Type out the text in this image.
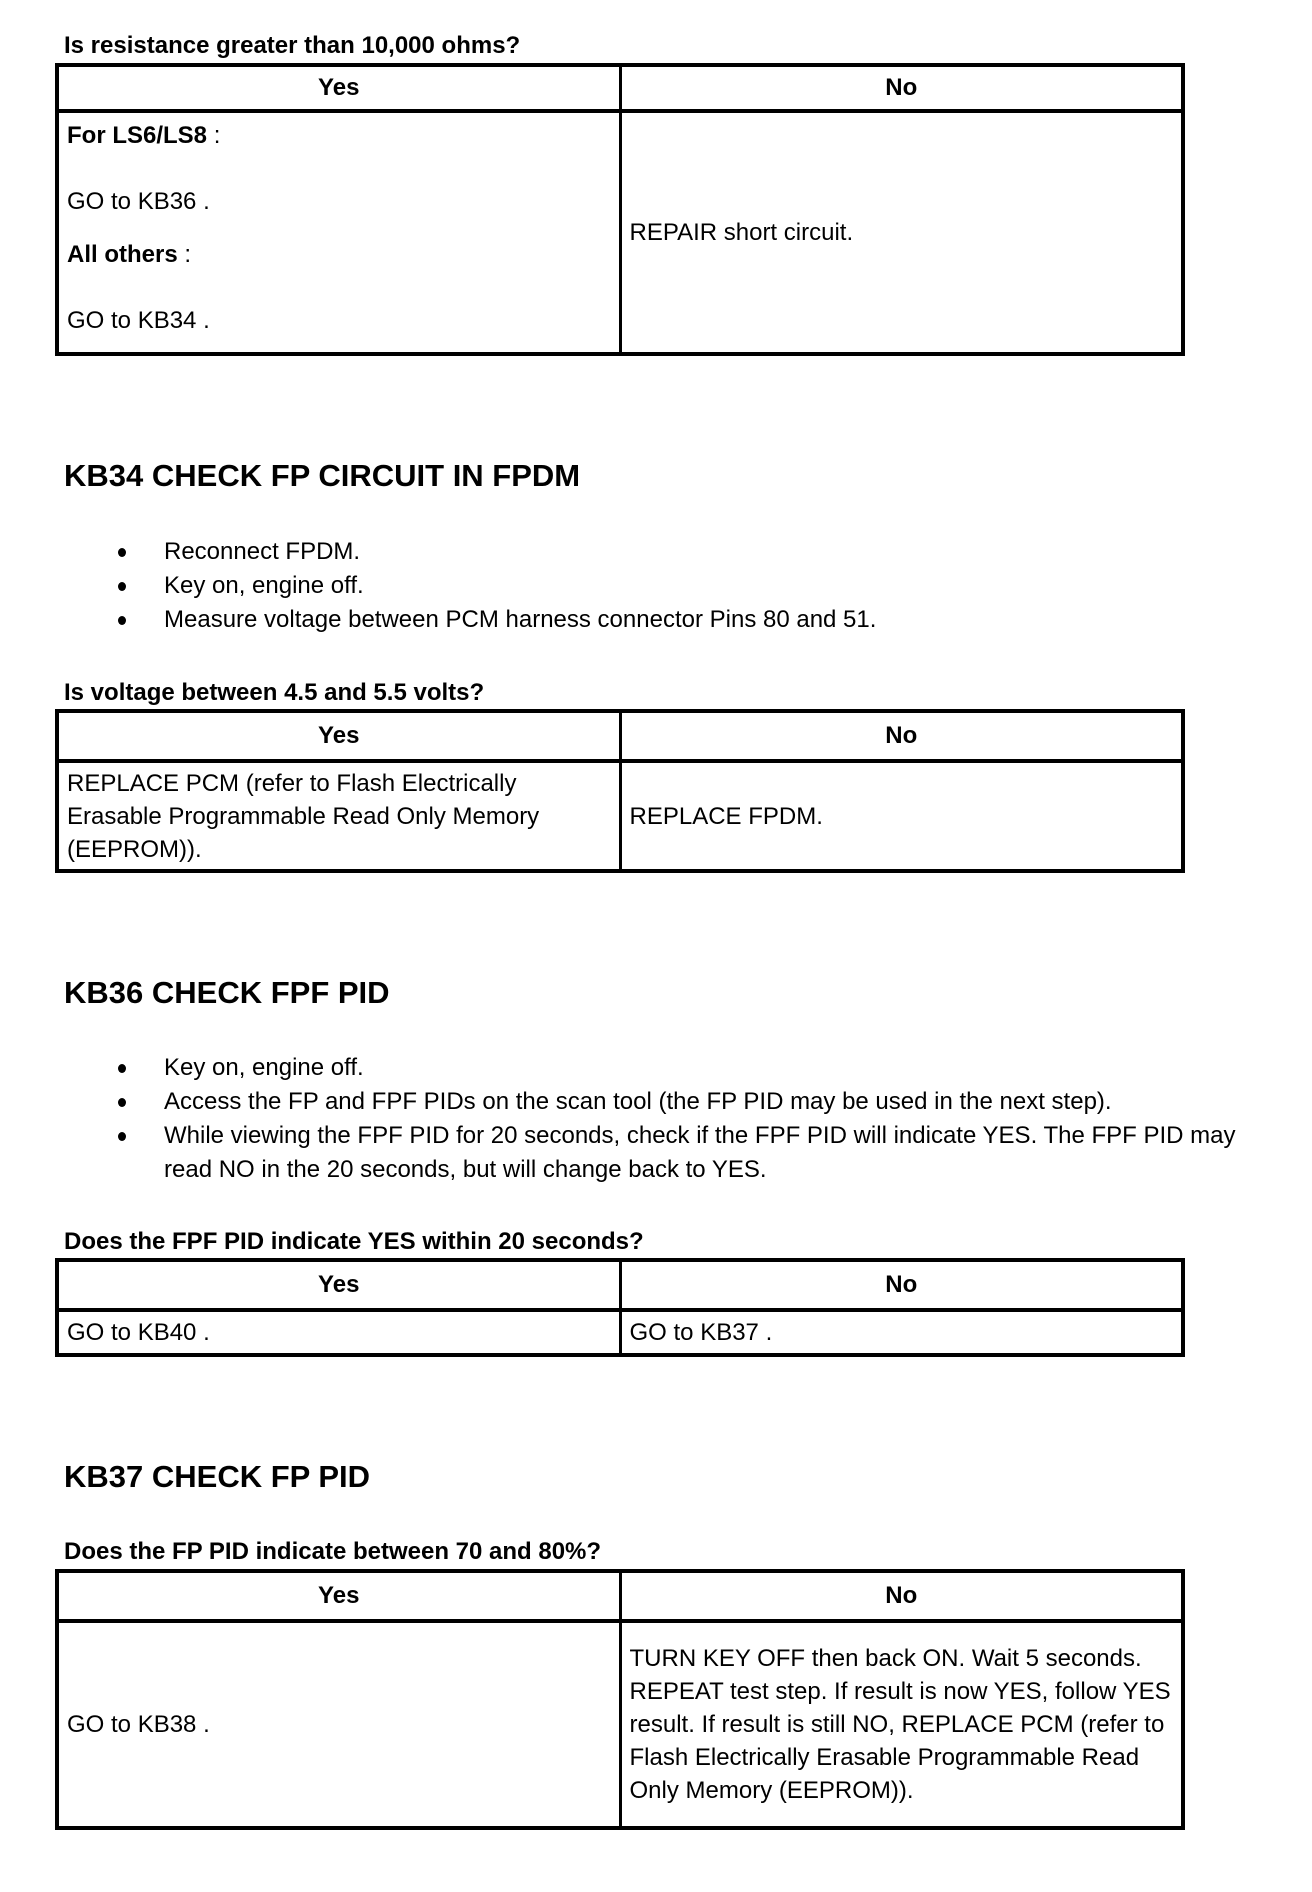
Is resistance greater than 10,000 ohms?
Yes	No

For LS6/LS8 :
GO to KB36 .
All others :
GO to KB34 .	REPAIR short circuit.
KB34 CHECK FP CIRCUIT IN FPDM
Reconnect FPDM.
Key on, engine off.
Measure voltage between PCM harness connector Pins 80 and 51.
Is voltage between 4.5 and 5.5 volts?
Yes	No
REPLACE PCM (refer to Flash Electrically Erasable Programmable Read Only Memory (EEPROM)).	REPLACE FPDM.
KB36 CHECK FPF PID
Key on, engine off.
Access the FP and FPF PIDs on the scan tool (the FP PID may be used in the next step).
While viewing the FPF PID for 20 seconds, check if the FPF PID will indicate YES. The FPF PID may read NO in the 20 seconds, but will change back to YES.
Does the FPF PID indicate YES within 20 seconds?
Yes	No
GO to KB40 .	GO to KB37 .
KB37 CHECK FP PID
Does the FP PID indicate between 70 and 80%?
Yes	No
GO to KB38 .	TURN KEY OFF then back ON. Wait 5 seconds. REPEAT test step. If result is now YES, follow YES result. If result is still NO, REPLACE PCM (refer to Flash Electrically Erasable Programmable Read Only Memory (EEPROM)).
